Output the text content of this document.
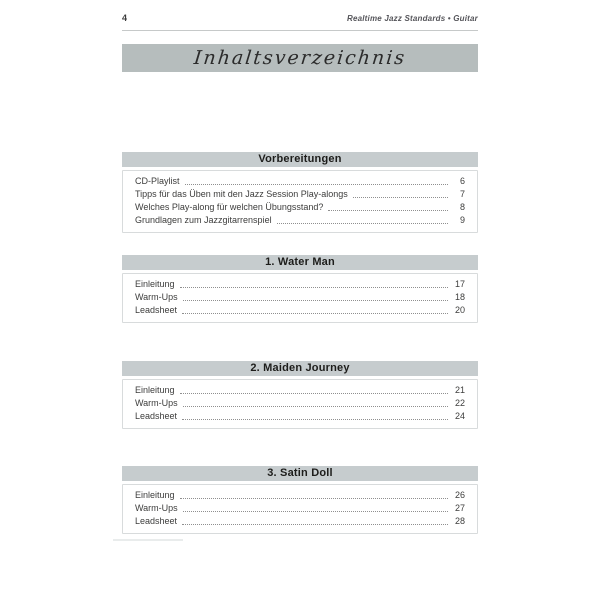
4	Realtime Jazz Standards • Guitar
Inhaltsverzeichnis
Vorbereitungen
CD-Playlist	6
Tipps für das Üben mit den Jazz Session Play-alongs	7
Welches Play-along für welchen Übungsstand?	8
Grundlagen zum Jazzgitarrenspiel	9
1. Water Man
Einleitung	17
Warm-Ups	18
Leadsheet	20
2. Maiden Journey
Einleitung	21
Warm-Ups	22
Leadsheet	24
3. Satin Doll
Einleitung	26
Warm-Ups	27
Leadsheet	28
